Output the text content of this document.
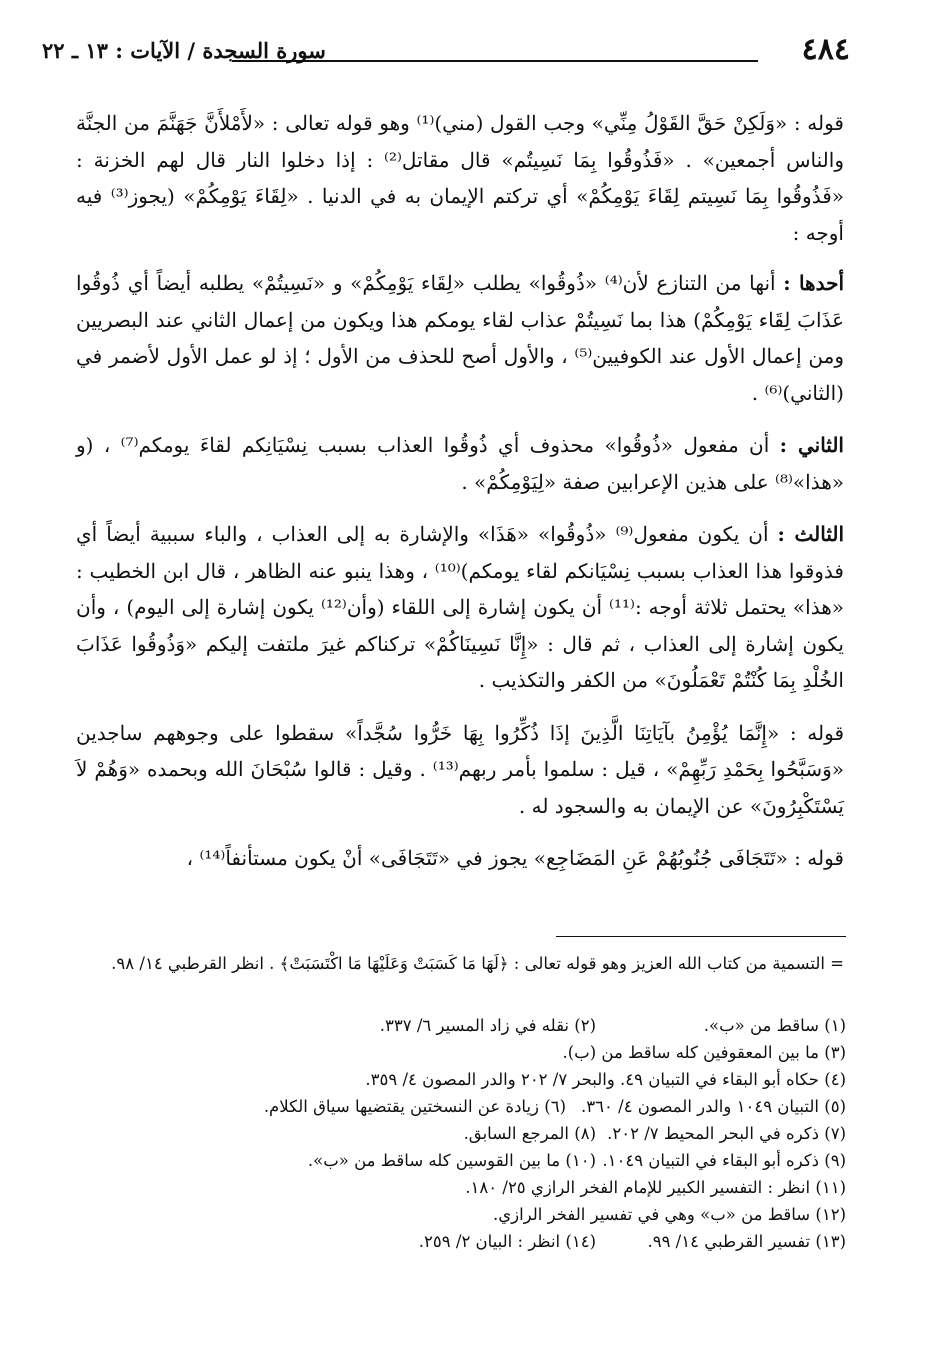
٤٨٤
سورة السجدة / الآيات : ١٣ ـ ٢٢

قوله : «وَلَكِنْ حَقَّ القَوْلُ مِنِّي» وجب القول (مني)⁽¹⁾ وهو قوله تعالى : «لأَمْلأَنَّ جَهَنَّمَ من الجنَّة والناس أجمعين» . «فَذُوقُوا بِمَا نَسِيتُم» قال مقاتل⁽²⁾ : إذا دخلوا النار قال لهم الخزنة : «فَذُوقُوا بِمَا نَسِيتم لِقَاءَ يَوْمِكُمْ» أي تركتم الإيمان به في الدنيا . «لِقَاءَ يَوْمِكُمْ» (يجوز⁽³⁾ فيه أوجه :

أحدها : أنها من التنازع لأن⁽⁴⁾ «ذُوقُوا» يطلب «لِقَاء يَوْمِكُمْ» و «نَسِيتُمْ» يطلبه أيضاً أي ذُوقُوا عَذَابَ لِقَاء يَوْمِكُمْ) هذا بما نَسِيتُمْ عذاب لقاء يومكم هذا ويكون من إعمال الثاني عند البصريين ومن إعمال الأول عند الكوفيين⁽⁵⁾ ، والأول أصح للحذف من الأول ؛ إذ لو عمل الأول لأضمر في (الثاني)⁽⁶⁾ .

الثاني : أن مفعول «ذُوقُوا» محذوف أي ذُوقُوا العذاب بسبب نِسْيَانِكم لقاءَ يومكم⁽⁷⁾ ، (و «هذا»⁽⁸⁾ على هذين الإعرابين صفة «لِيَوْمِكُمْ» .

الثالث : أن يكون مفعول⁽⁹⁾ «ذُوقُوا» «هَذَا» والإشارة به إلى العذاب ، والباء سببية أيضاً أي فذوقوا هذا العذاب بسبب نِسْيَانكم لقاء يومكم)⁽¹⁰⁾ ، وهذا ينبو عنه الظاهر ، قال ابن الخطيب : «هذا» يحتمل ثلاثة أوجه :⁽¹¹⁾ أن يكون إشارة إلى اللقاء (وأن⁽¹²⁾ يكون إشارة إلى اليوم) ، وأن يكون إشارة إلى العذاب ، ثم قال : «إِنَّا نَسِينَاكُمْ» تركناكم غيرَ ملتفت إليكم «وَذُوقُوا عَذَابَ الخُلْدِ بِمَا كُنْتُمْ تَعْمَلُونَ» من الكفر والتكذيب .

قوله : «إِنَّمَا يُؤْمِنُ بآيَاتِنَا الَّذِينَ إذَا ذُكِّرُوا بِهَا خَرُّوا سُجَّداً» سقطوا على وجوههم ساجدين «وَسَبَّحُوا بِحَمْدِ رَبِّهِمْ» ، قيل : سلموا بأمر ربهم⁽¹³⁾ . وقيل : قالوا سُبْحَانَ الله وبحمده «وَهُمْ لاَ يَسْتَكْبِرُونَ» عن الإيمان به والسجود له .

قوله : «تَتَجَافَى جُنُوبُهُمْ عَنِ المَضَاجِع» يجوز في «تَتَجَافَى» أنْ يكون مستأنفاً⁽¹⁴⁾ ،

= التسمية من كتاب الله العزيز وهو قوله تعالى : ﴿لَهَا مَا كَسَبَتْ وَعَلَيْهَا مَا اكْتَسَبَتْ﴾ . انظر القرطبي ١٤/ ٩٨.
(١) ساقط من «ب».
(٢) نقله في زاد المسير ٦/ ٣٣٧.
(٣) ما بين المعقوفين كله ساقط من (ب).
(٤) حكاه أبو البقاء في التبيان ٤٩. والبحر ٧/ ٢٠٢ والدر المصون ٤/ ٣٥٩.
(٥) التبيان ١٠٤٩ والدر المصون ٤/ ٣٦٠.
(٦) زيادة عن النسختين يقتضيها سياق الكلام.
(٧) ذكره في البحر المحيط ٧/ ٢٠٢.
(٨) المرجع السابق.
(٩) ذكره أبو البقاء في التبيان ١٠٤٩.
(١٠) ما بين القوسين كله ساقط من «ب».
(١١) انظر : التفسير الكبير للإمام الفخر الرازي ٢٥/ ١٨٠.
(١٢) ساقط من «ب» وهي في تفسير الفخر الرازي.
(١٣) تفسير القرطبي ١٤/ ٩٩.
(١٤) انظر : البيان ٢/ ٢٥٩.
